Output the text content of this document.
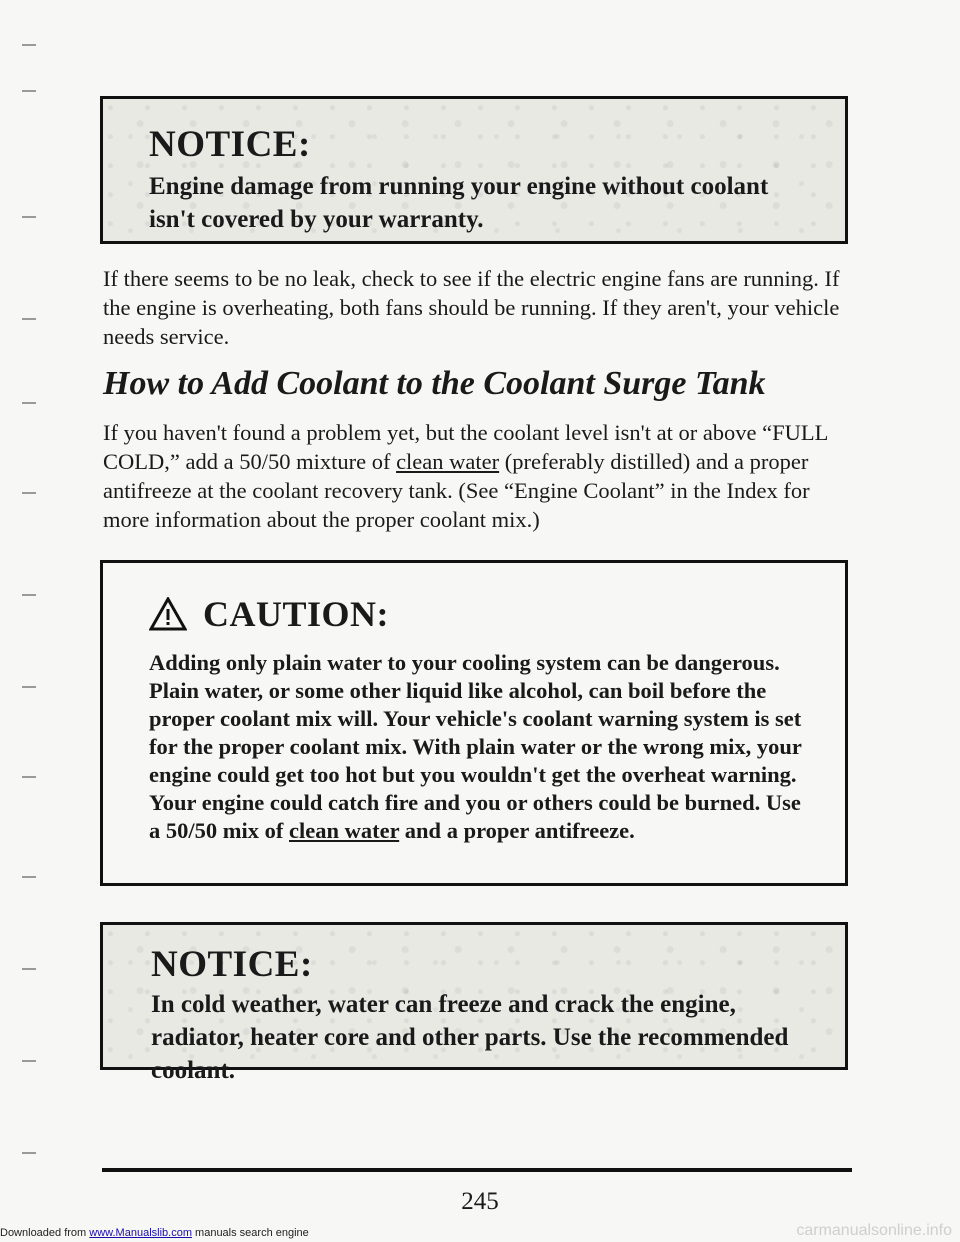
NOTICE:

Engine damage from running your engine without coolant isn't covered by your warranty.

If there seems to be no leak, check to see if the electric engine fans are running. If the engine is overheating, both fans should be running. If they aren't, your vehicle needs service.

How to Add Coolant to the Coolant Surge Tank

If you haven't found a problem yet, but the coolant level isn't at or above “FULL COLD,” add a 50/50 mixture of clean water (preferably distilled) and a proper antifreeze at the coolant recovery tank. (See “Engine Coolant” in the Index for more information about the proper coolant mix.)

CAUTION:

Adding only plain water to your cooling system can be dangerous. Plain water, or some other liquid like alcohol, can boil before the proper coolant mix will. Your vehicle's coolant warning system is set for the proper coolant mix. With plain water or the wrong mix, your engine could get too hot but you wouldn't get the overheat warning. Your engine could catch fire and you or others could be burned. Use a 50/50 mix of clean water and a proper antifreeze.

NOTICE:

In cold weather, water can freeze and crack the engine, radiator, heater core and other parts. Use the recommended coolant.

245

Downloaded from www.Manualslib.com manuals search engine	carmanualsonline.info
